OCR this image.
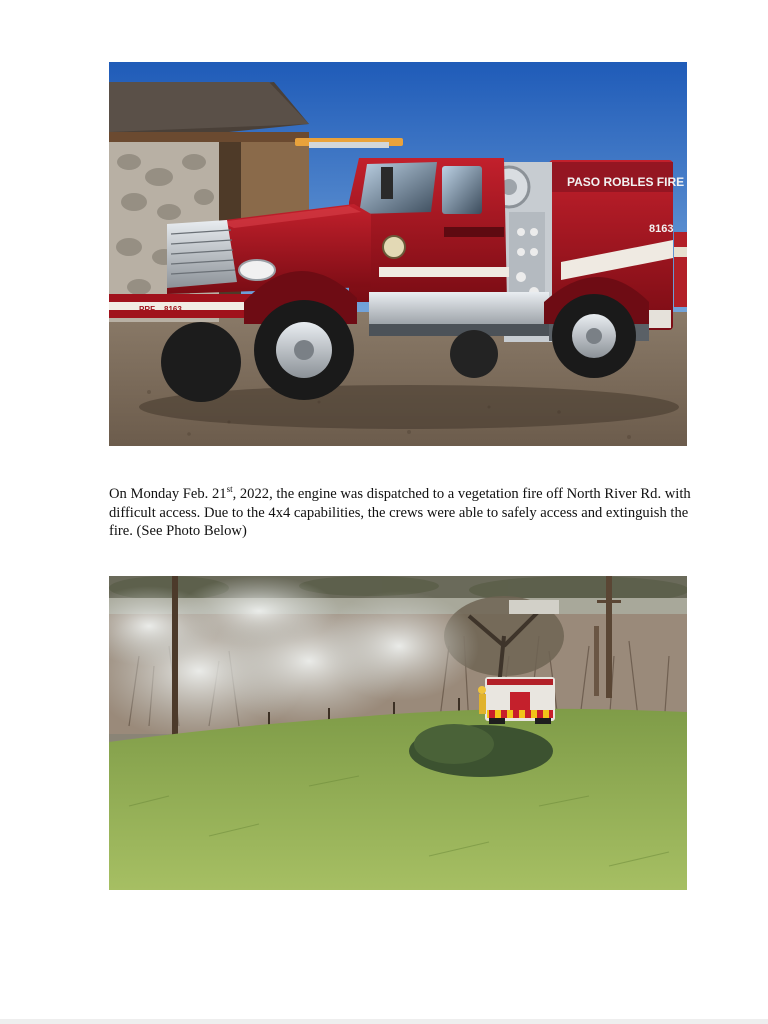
PASO ROBLES FIRE
8163
PRF 8163

On Monday Feb. 21st, 2022, the engine was dispatched to a vegetation fire off North River Rd. with difficult access. Due to the 4x4 capabilities, the crews were able to safely access and extinguish the fire. (See Photo Below)
